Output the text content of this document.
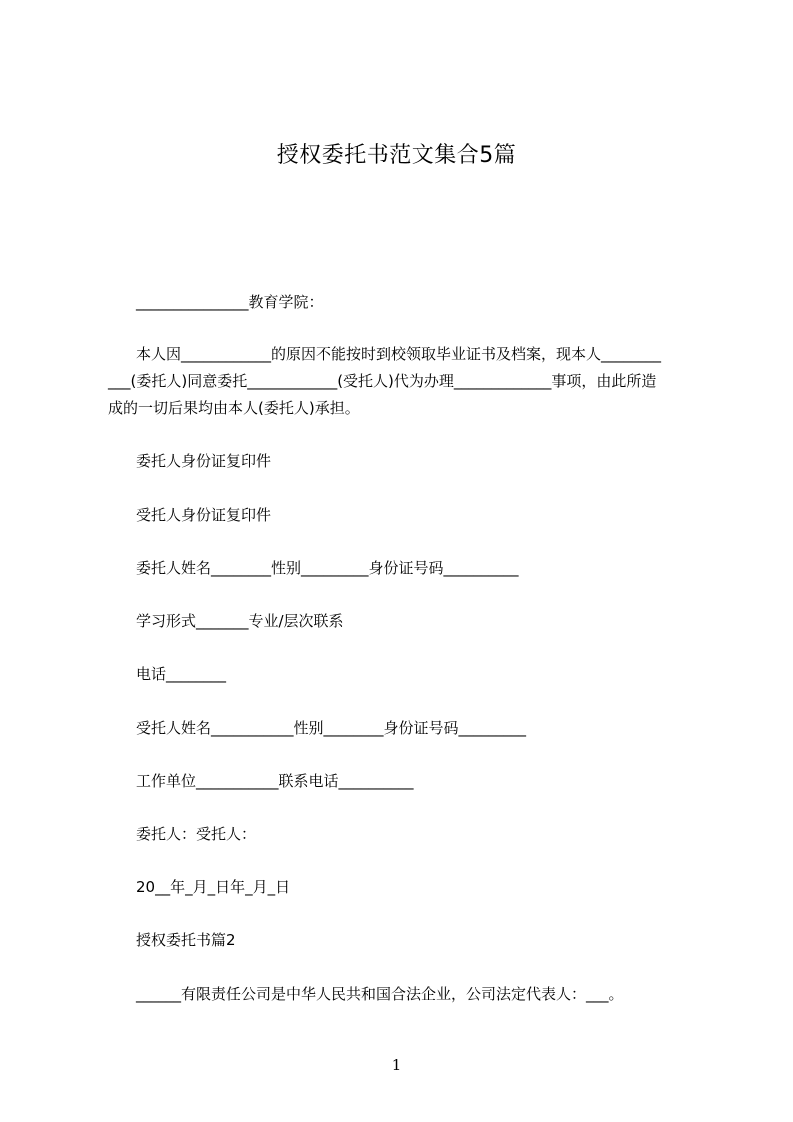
授权委托书范文集合5篇
_______________教育学院：
本人因____________的原因不能按时到校领取毕业证书及档案，现本人________
___(委托人)同意委托____________(受托人)代为办理_____________事项，由此所造
成的一切后果均由本人(委托人)承担。
委托人身份证复印件
受托人身份证复印件
委托人姓名________性别_________身份证号码__________
学习形式_______专业/层次联系
电话________
受托人姓名___________性别________身份证号码_________
工作单位___________联系电话__________
委托人：受托人：
20__年_月_日年_月_日
授权委托书篇2
______有限责任公司是中华人民共和国合法企业，公司法定代表人：___。
1
